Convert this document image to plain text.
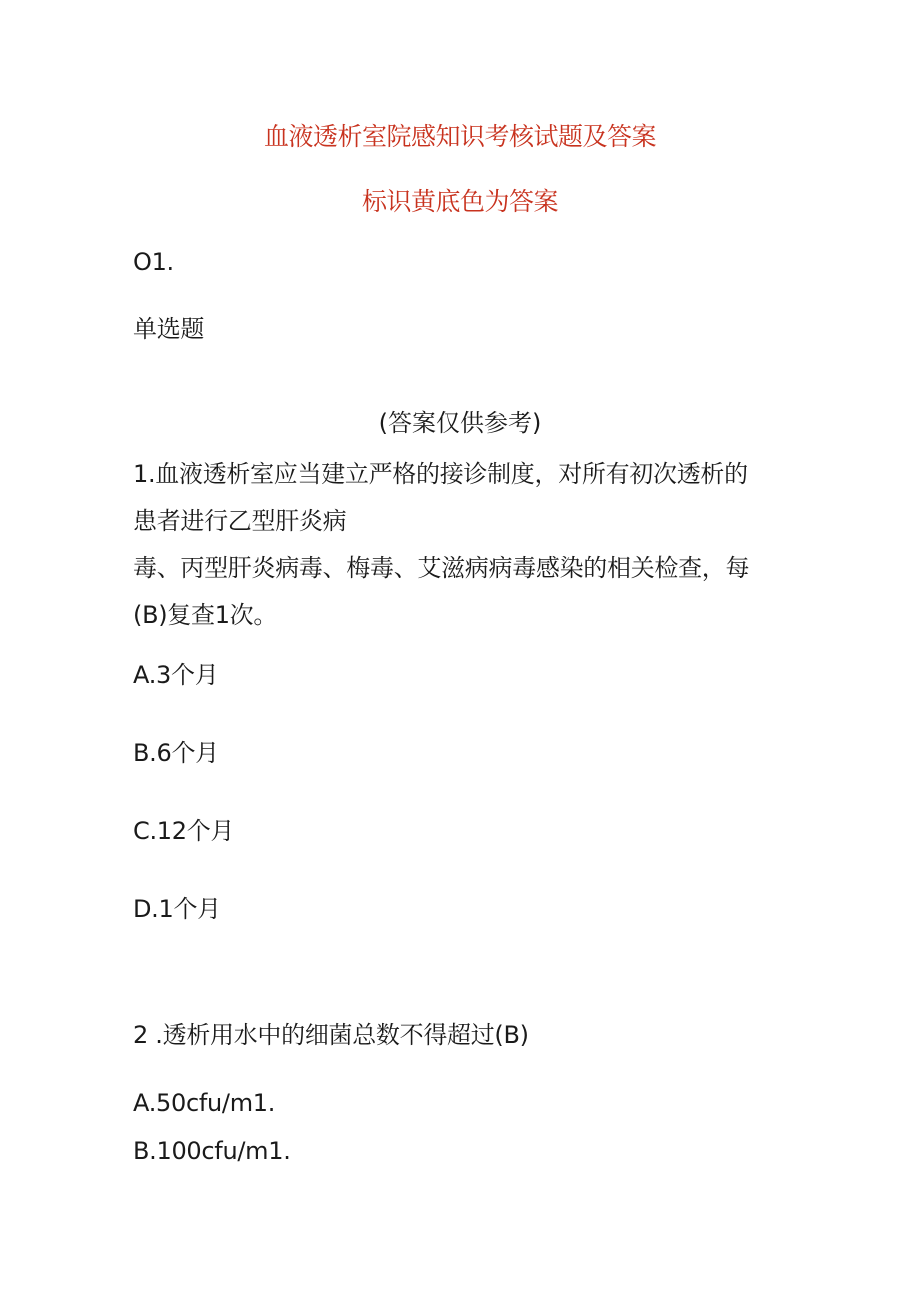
血液透析室院感知识考核试题及答案
标识黄底色为答案

O1.

单选题

(答案仅供参考)

1.血液透析室应当建立严格的接诊制度，对所有初次透析的

患者进行乙型肝炎病

毒、丙型肝炎病毒、梅毒、艾滋病病毒感染的相关检查，每

(B)复查1次。

A.3个月

B.6个月

C.12个月

D.1个月

2 .透析用水中的细菌总数不得超过(B)

A.50cfu∕m1.

B.100cfu∕m1.
